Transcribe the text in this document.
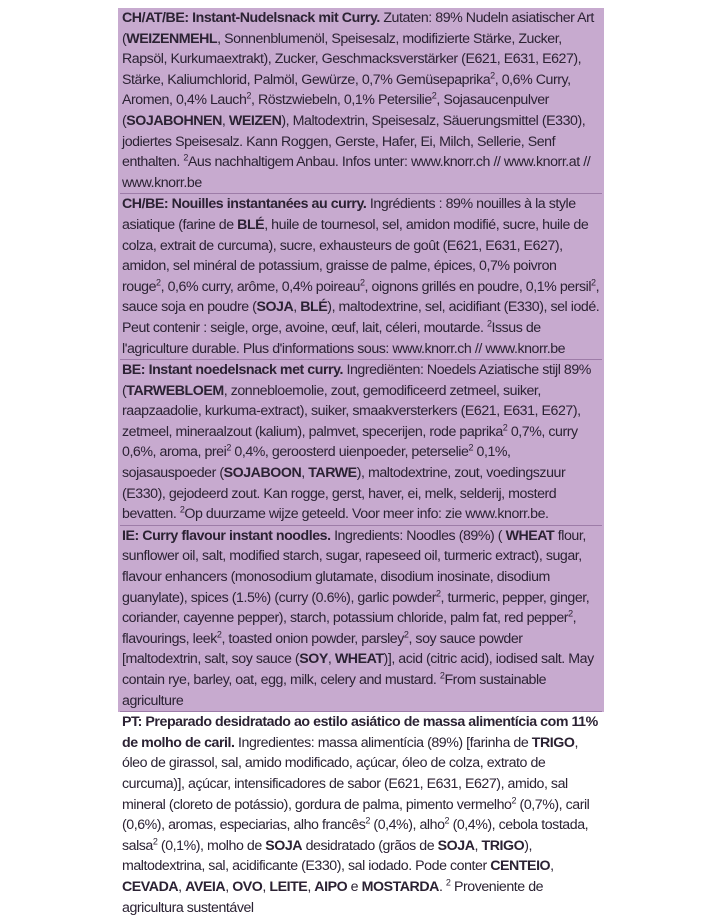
CH/AT/BE: Instant-Nudelsnack mit Curry. Zutaten: 89% Nudeln asiatischer Art (WEIZENMEHL, Sonnenblumenöl, Speisesalz, modifizierte Stärke, Zucker, Rapsöl, Kurkumaextrakt), Zucker, Geschmacksverstärker (E621, E631, E627), Stärke, Kaliumchlorid, Palmöl, Gewürze, 0,7% Gemüsepaprika$^2$, 0,6% Curry, Aromen, 0,4% Lauch$^2$, Röstzwiebeln, 0,1% Petersilie$^2$, Sojasaucenpulver (SOJABOHNEN, WEIZEN), Maltodextrin, Speisesalz, Säuerungsmittel (E330), jodiertes Speisesalz. Kann Roggen, Gerste, Hafer, Ei, Milch, Sellerie, Senf enthalten. $^2$Aus nachhaltigem Anbau. Infos unter: www.knorr.ch // www.knorr.at // www.knorr.be
CH/BE: Nouilles instantanées au curry. Ingrédients : 89% nouilles à la style asiatique (farine de BLÉ, huile de tournesol, sel, amidon modifié, sucre, huile de colza, extrait de curcuma), sucre, exhausteurs de goût (E621, E631, E627), amidon, sel minéral de potassium, graisse de palme, épices, 0,7% poivron rouge$^2$, 0,6% curry, arôme, 0,4% poireau$^2$, oignons grillés en poudre, 0,1% persil$^2$, sauce soja en poudre (SOJA, BLÉ), maltodextrine, sel, acidifiant (E330), sel iodé. Peut contenir : seigle, orge, avoine, œuf, lait, céleri, moutarde. $^2$Issus de l'agriculture durable. Plus d'informations sous: www.knorr.ch // www.knorr.be
BE: Instant noedelsnack met curry. Ingrediënten: Noedels Aziatische stijl 89% (TARWEBLOEM, zonnebloemolie, zout, gemodificeerd zetmeel, suiker, raapzaadolie, kurkuma-extract), suiker, smaakversterkers (E621, E631, E627), zetmeel, mineraalzout (kalium), palmvet, specerijen, rode paprika$^2$ 0,7%, curry 0,6%, aroma, prei$^2$ 0,4%, geroosterd uienpoeder, peterselie$^2$ 0,1%, sojasauspoeder (SOJABOON, TARWE), maltodextrine, zout, voedingszuur (E330), gejodeerd zout. Kan rogge, gerst, haver, ei, melk, selderij, mosterd bevatten. $^2$Op duurzame wijze geteeld. Voor meer info: zie www.knorr.be.
IE: Curry flavour instant noodles. Ingredients: Noodles (89%) ( WHEAT flour, sunflower oil, salt, modified starch, sugar, rapeseed oil, turmeric extract), sugar, flavour enhancers (monosodium glutamate, disodium inosinate, disodium guanylate), spices (1.5%) (curry (0.6%), garlic powder$^2$, turmeric, pepper, ginger, coriander, cayenne pepper), starch, potassium chloride, palm fat, red pepper$^2$, flavourings, leek$^2$, toasted onion powder, parsley$^2$, soy sauce powder [maltodextrin, salt, soy sauce (SOY, WHEAT)], acid (citric acid), iodised salt. May contain rye, barley, oat, egg, milk, celery and mustard. $^2$From sustainable agriculture
PT: Preparado desidratado ao estilo asiático de massa alimentícia com 11% de molho de caril. Ingredientes: massa alimentícia (89%) [farinha de TRIGO, óleo de girassol, sal, amido modificado, açúcar, óleo de colza, extrato de curcuma)], açúcar, intensificadores de sabor (E621, E631, E627), amido, sal mineral (cloreto de potássio), gordura de palma, pimento vermelho$^2$ (0,7%), caril (0,6%), aromas, especiarias, alho francês$^2$ (0,4%), alho$^2$ (0,4%), cebola tostada, salsa$^2$ (0,1%), molho de SOJA desidratado (grãos de SOJA, TRIGO), maltodextrina, sal, acidificante (E330), sal iodado. Pode conter CENTEIO, CEVADA, AVEIA, OVO, LEITE, AIPO e MOSTARDA. $^2$ Proveniente de agricultura sustentável
